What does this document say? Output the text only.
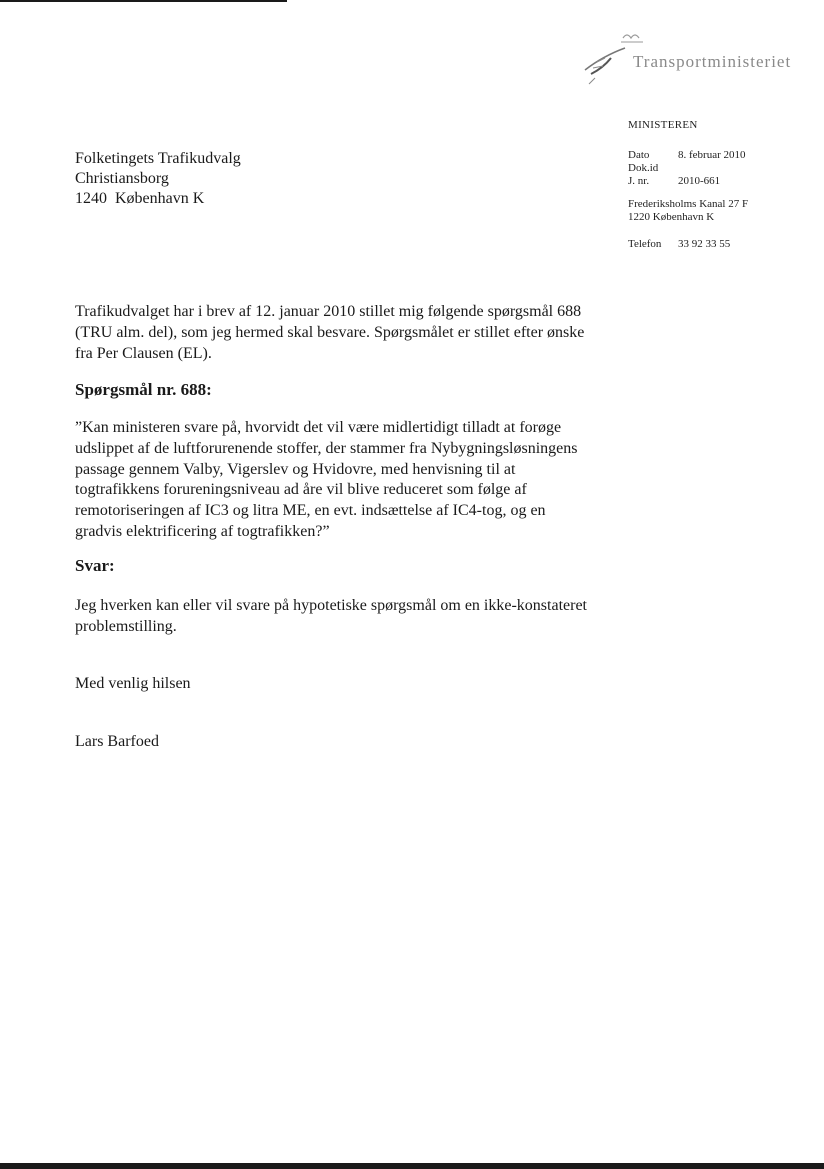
Transportministeriet
MINISTEREN
Dato	8. februar 2010
Dok.id
J. nr.	2010-661
Frederiksholms Kanal 27 F
1220 København K
Telefon	33 92 33 55
Folketingets Trafikudvalg
Christiansborg
1240  København K

Trafikudvalget har i brev af 12. januar 2010 stillet mig følgende spørgsmål 688 (TRU alm. del), som jeg hermed skal besvare. Spørgsmålet er stillet efter ønske fra Per Clausen (EL).

Spørgsmål nr. 688:

”Kan ministeren svare på, hvorvidt det vil være midlertidigt tilladt at forøge udslippet af de luftforurenende stoffer, der stammer fra Nybygningsløsningens passage gennem Valby, Vigerslev og Hvidovre, med henvisning til at togtrafikkens forureningsniveau ad åre vil blive reduceret som følge af remotoriseringen af IC3 og litra ME, en evt. indsættelse af IC4-tog, og en gradvis elektrificering af togtrafikken?”

Svar:

Jeg hverken kan eller vil svare på hypotetiske spørgsmål om en ikke-konstateret problemstilling.

Med venlig hilsen
Lars Barfoed
